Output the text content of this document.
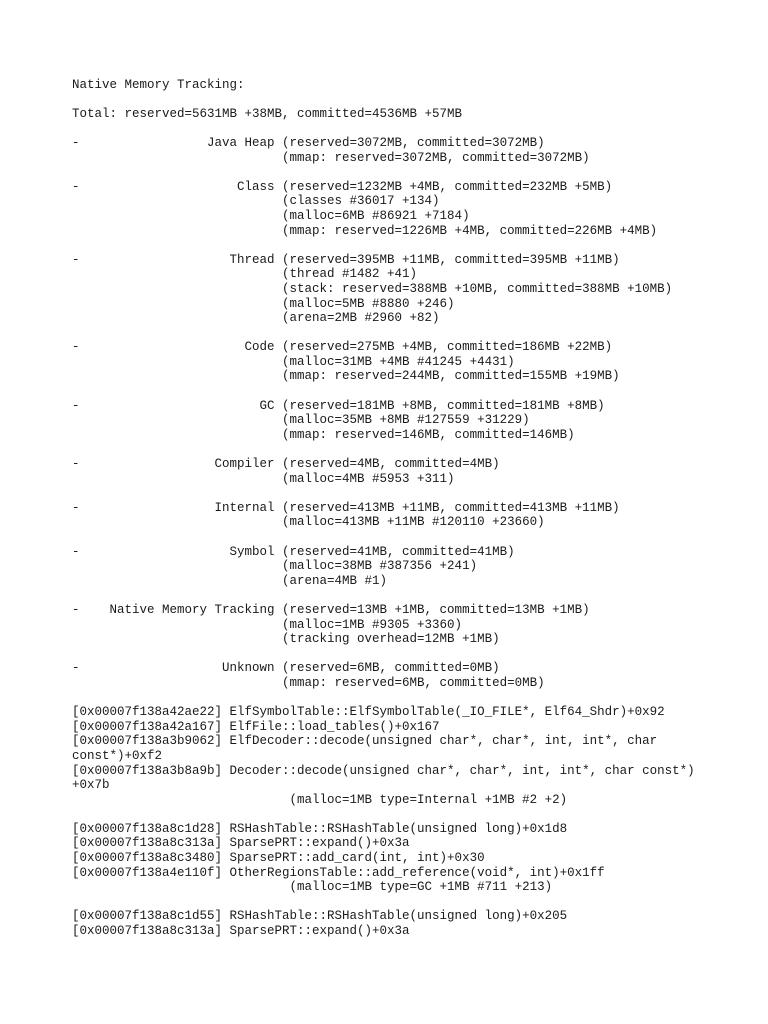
Native Memory Tracking:
Total: reserved=5631MB +38MB, committed=4536MB +57MB
-                 Java Heap (reserved=3072MB, committed=3072MB)
(mmap: reserved=3072MB, committed=3072MB)
-                     Class (reserved=1232MB +4MB, committed=232MB +5MB)
(classes #36017 +134)
(malloc=6MB #86921 +7184)
(mmap: reserved=1226MB +4MB, committed=226MB +4MB)
-                    Thread (reserved=395MB +11MB, committed=395MB +11MB)
(thread #1482 +41)
(stack: reserved=388MB +10MB, committed=388MB +10MB)
(malloc=5MB #8880 +246)
(arena=2MB #2960 +82)
-                      Code (reserved=275MB +4MB, committed=186MB +22MB)
(malloc=31MB +4MB #41245 +4431)
(mmap: reserved=244MB, committed=155MB +19MB)
-                        GC (reserved=181MB +8MB, committed=181MB +8MB)
(malloc=35MB +8MB #127559 +31229)
(mmap: reserved=146MB, committed=146MB)
-                  Compiler (reserved=4MB, committed=4MB)
(malloc=4MB #5953 +311)
-                  Internal (reserved=413MB +11MB, committed=413MB +11MB)
(malloc=413MB +11MB #120110 +23660)
-                    Symbol (reserved=41MB, committed=41MB)
(malloc=38MB #387356 +241)
(arena=4MB #1)
-    Native Memory Tracking (reserved=13MB +1MB, committed=13MB +1MB)
(malloc=1MB #9305 +3360)
(tracking overhead=12MB +1MB)
-                   Unknown (reserved=6MB, committed=0MB)
(mmap: reserved=6MB, committed=0MB)
[0x00007f138a42ae22] ElfSymbolTable::ElfSymbolTable(_IO_FILE*, Elf64_Shdr)+0x92
[0x00007f138a42a167] ElfFile::load_tables()+0x167
[0x00007f138a3b9062] ElfDecoder::decode(unsigned char*, char*, int, int*, char
const*)+0xf2
[0x00007f138a3b8a9b] Decoder::decode(unsigned char*, char*, int, int*, char const*)
+0x7b
(malloc=1MB type=Internal +1MB #2 +2)
[0x00007f138a8c1d28] RSHashTable::RSHashTable(unsigned long)+0x1d8
[0x00007f138a8c313a] SparsePRT::expand()+0x3a
[0x00007f138a8c3480] SparsePRT::add_card(int, int)+0x30
[0x00007f138a4e110f] OtherRegionsTable::add_reference(void*, int)+0x1ff
(malloc=1MB type=GC +1MB #711 +213)
[0x00007f138a8c1d55] RSHashTable::RSHashTable(unsigned long)+0x205
[0x00007f138a8c313a] SparsePRT::expand()+0x3a
